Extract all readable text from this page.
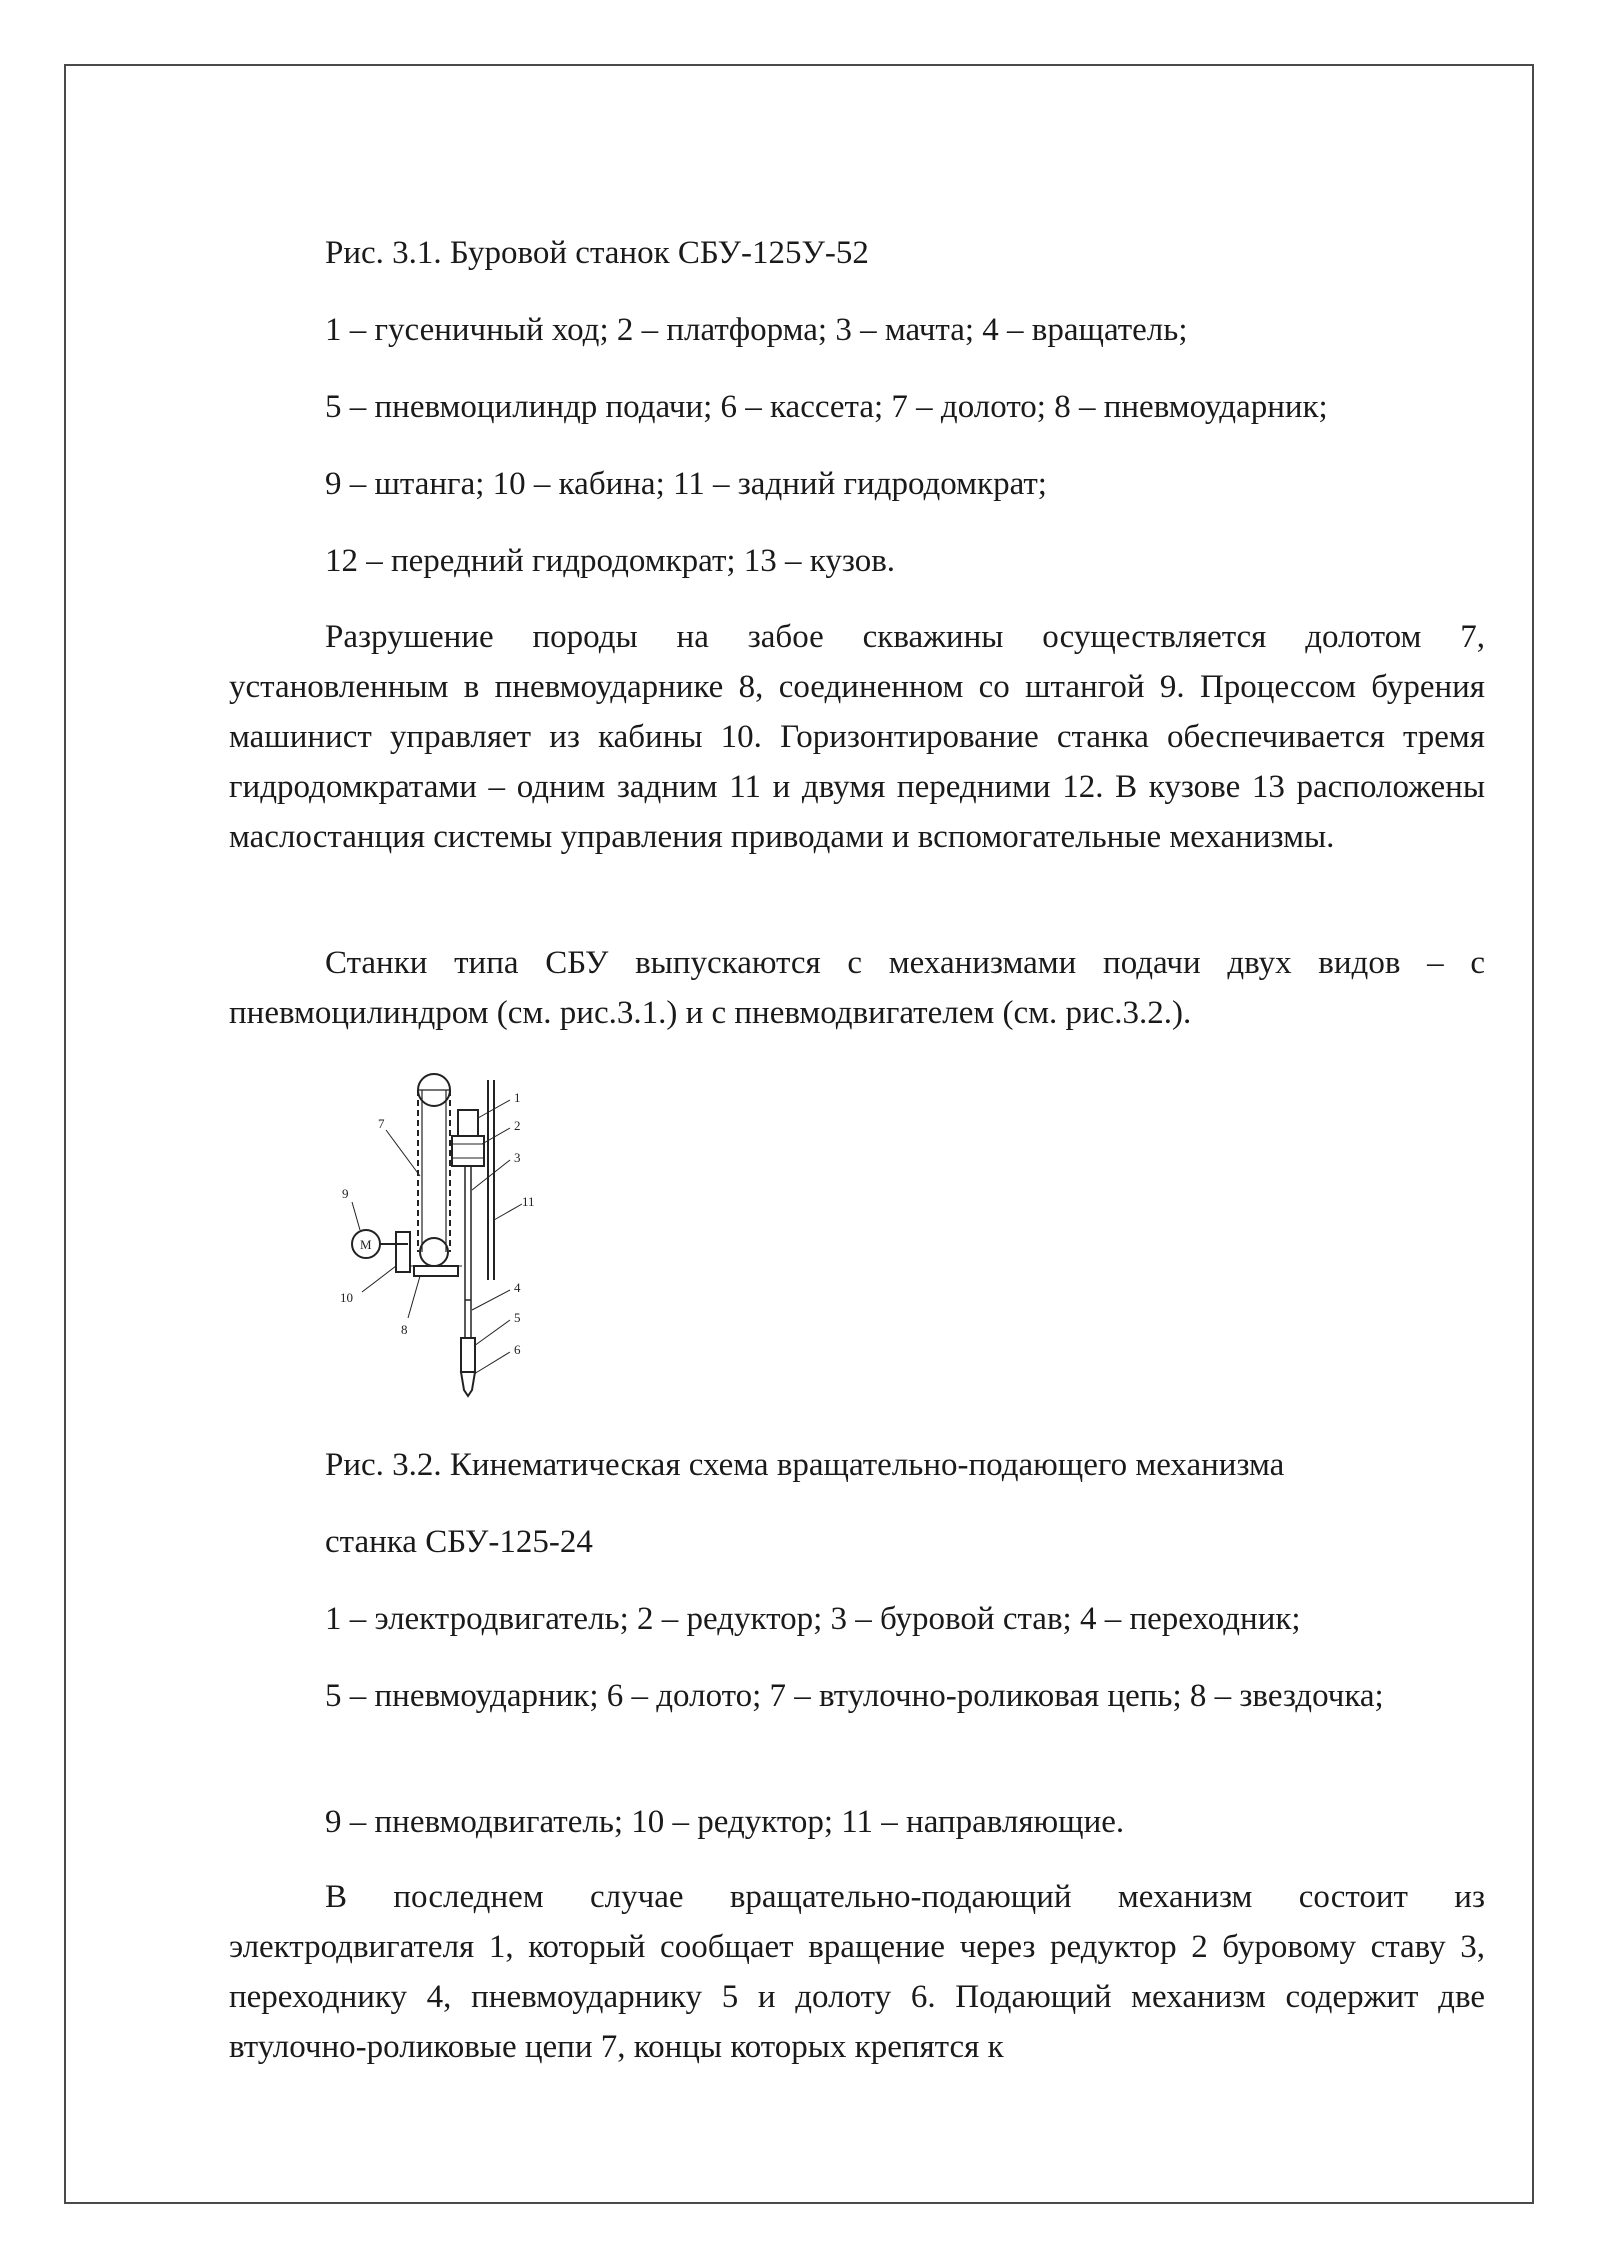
Рис. 3.1. Буровой станок СБУ-125У-52
1 – гусеничный ход; 2 – платформа; 3 – мачта; 4 – вращатель;
5 – пневмоцилиндр подачи; 6 – кассета; 7 – долото; 8 – пневмоударник;
9 – штанга; 10 – кабина; 11 – задний гидродомкрат;
12 – передний гидродомкрат; 13 – кузов.
Разрушение породы на забое скважины осуществляется долотом 7, установленным в пневмоударнике 8, соединенном со штангой 9. Процессом бурения машинист управляет из кабины 10. Горизонтирование станка обеспечивается тремя гидродомкратами – одним задним 11 и двумя передними 12. В кузове 13 расположены маслостанция системы управления приводами и вспомогательные механизмы.
Станки типа СБУ выпускаются с механизмами подачи двух видов – с пневмоцилиндром (см. рис.3.1.) и с пневмодвигателем (см. рис.3.2.).
Рис. 3.2. Кинематическая схема вращательно-подающего механизма
станка СБУ-125-24
1 – электродвигатель; 2 – редуктор; 3 – буровой став; 4 – переходник;
5 – пневмоударник; 6 – долото; 7 – втулочно-роликовая цепь; 8 – звездочка;
9 – пневмодвигатель; 10 – редуктор; 11 – направляющие.
В последнем случае вращательно-подающий механизм состоит из электродвигателя 1, который сообщает вращение через редуктор 2 буровому ставу 3, переходнику 4, пневмоударнику 5 и долоту 6. Подающий механизм содержит две втулочно-роликовые цепи 7, концы которых крепятся к
M
1
2
3
4
5
6
7
8
9
10
11
